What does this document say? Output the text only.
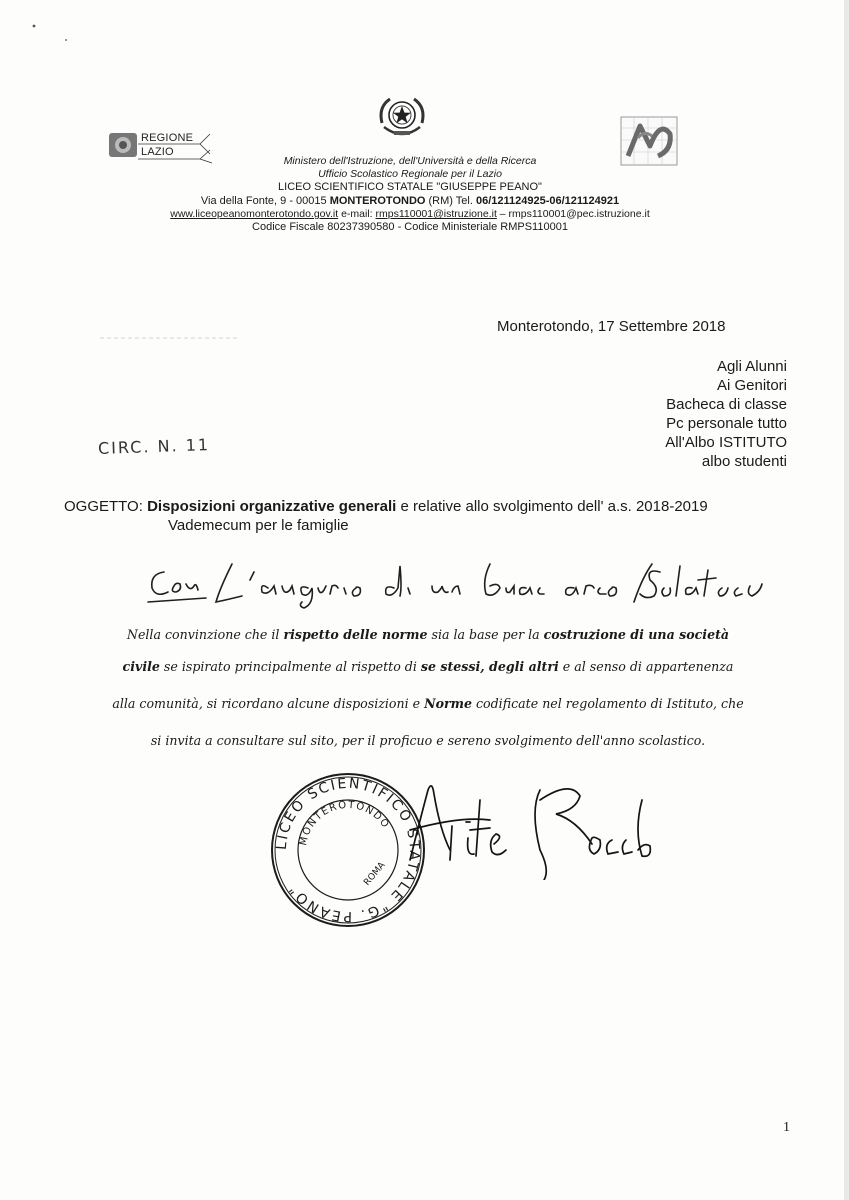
REGIONE
LAZIO
Ministero dell'Istruzione, dell'Università e della Ricerca
Ufficio Scolastico Regionale per il Lazio
LICEO SCIENTIFICO STATALE "GIUSEPPE PEANO"
Via della Fonte, 9 - 00015 MONTEROTONDO (RM) Tel. 06/121124925-06/121124921
www.liceopeanomonterotondo.gov.it e-mail: rmps110001@istruzione.it – rmps110001@pec.istruzione.it
Codice Fiscale 80237390580 - Codice Ministeriale RMPS110001
Monterotondo, 17 Settembre 2018
Agli Alunni
Ai Genitori
Bacheca di classe
Pc personale tutto
All'Albo ISTITUTO
albo studenti
CIRC. N. 11
OGGETTO: Disposizioni organizzative generali e relative allo svolgimento dell' a.s. 2018-2019
Vademecum per le famiglie
Nella convinzione che il rispetto delle norme sia la base per la costruzione di una società
civile se ispirato principalmente al rispetto di se stessi, degli altri e al senso di appartenenza
alla comunità, si ricordano alcune disposizioni e Norme codificate nel regolamento di Istituto, che
si invita a consultare sul sito, per il proficuo e sereno svolgimento dell'anno scolastico.
LICEO SCIENTIFICO STATALE "G. PEANO"
MONTEROTONDO
ROMA
1
